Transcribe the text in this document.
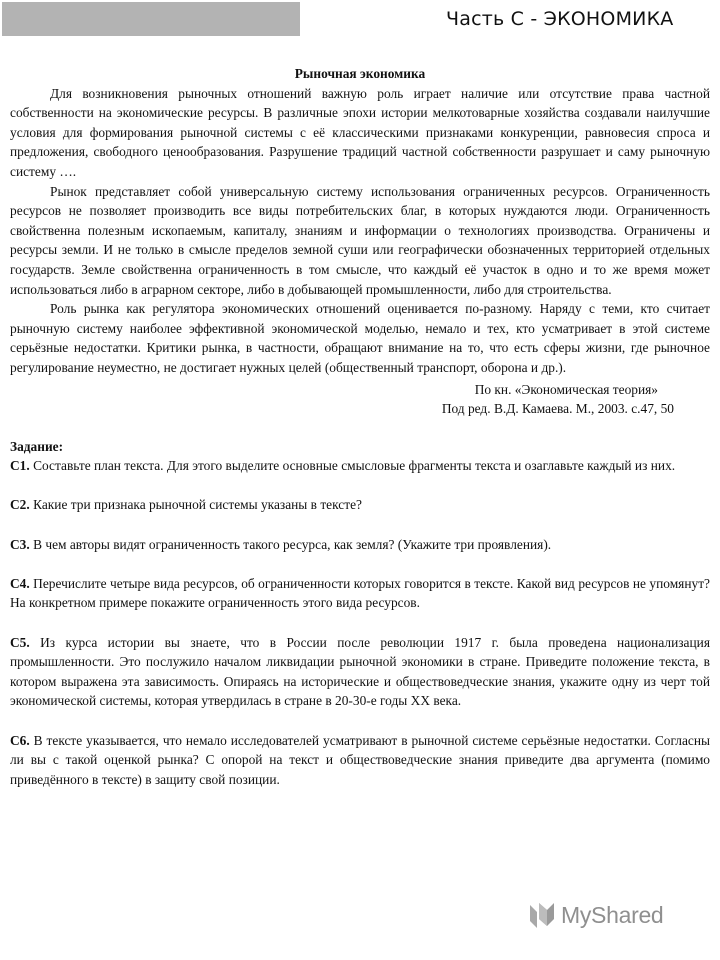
Часть С - ЭКОНОМИКА

Рыночная экономика

Для возникновения рыночных отношений важную роль играет наличие или отсутствие права частной собственности на экономические ресурсы. В различные эпохи истории мелкотоварные хозяйства создавали наилучшие условия для формирования рыночной системы с её классическими признаками конкуренции, равновесия спроса и предложения, свободного ценообразования. Разрушение традиций частной собственности разрушает и саму рыночную систему ….

Рынок представляет собой универсальную систему использования ограниченных ресурсов. Ограниченность ресурсов не позволяет производить все виды потребительских благ, в которых нуждаются люди. Ограниченность свойственна полезным ископаемым, капиталу, знаниям и информации о технологиях производства. Ограничены и ресурсы земли. И не только в смысле пределов земной суши или географически обозначенных территорией отдельных государств. Земле свойственна ограниченность в том смысле, что каждый её участок в одно и то же время может использоваться либо в аграрном секторе, либо в добывающей промышленности, либо для строительства.

Роль рынка как регулятора экономических отношений оценивается по-разному. Наряду с теми, кто считает рыночную систему наиболее эффективной экономической моделью, немало и тех, кто усматривает в этой системе серьёзные недостатки. Критики рынка, в частности, обращают внимание на то, что есть сферы жизни, где рыночное регулирование неуместно, не достигает нужных целей (общественный транспорт, оборона и др.).

По кн. «Экономическая теория»

Под ред. В.Д. Камаева. М., 2003. с.47, 50

Задание:

С1. Составьте план текста. Для этого выделите основные смысловые фрагменты текста и озаглавьте каждый из них.

С2. Какие три признака рыночной системы указаны в тексте?

С3. В чем авторы видят ограниченность такого ресурса, как земля? (Укажите три проявления).

С4. Перечислите четыре вида ресурсов, об ограниченности которых говорится в тексте. Какой вид ресурсов не упомянут? На конкретном примере покажите ограниченность этого вида ресурсов.

С5. Из курса истории вы знаете, что в России после революции 1917 г. была проведена национализация промышленности. Это послужило началом ликвидации рыночной экономики в стране. Приведите положение текста, в котором выражена эта зависимость. Опираясь на исторические и обществоведческие знания, укажите одну из черт той экономической системы, которая утвердилась в стране в 20-30-е годы XX века.

С6. В тексте указывается, что немало исследователей усматривают в рыночной системе серьёзные недостатки. Согласны ли вы с такой оценкой рынка? С опорой на текст и обществоведческие знания приведите два аргумента (помимо приведённого в тексте) в защиту свой позиции.

MyShared
